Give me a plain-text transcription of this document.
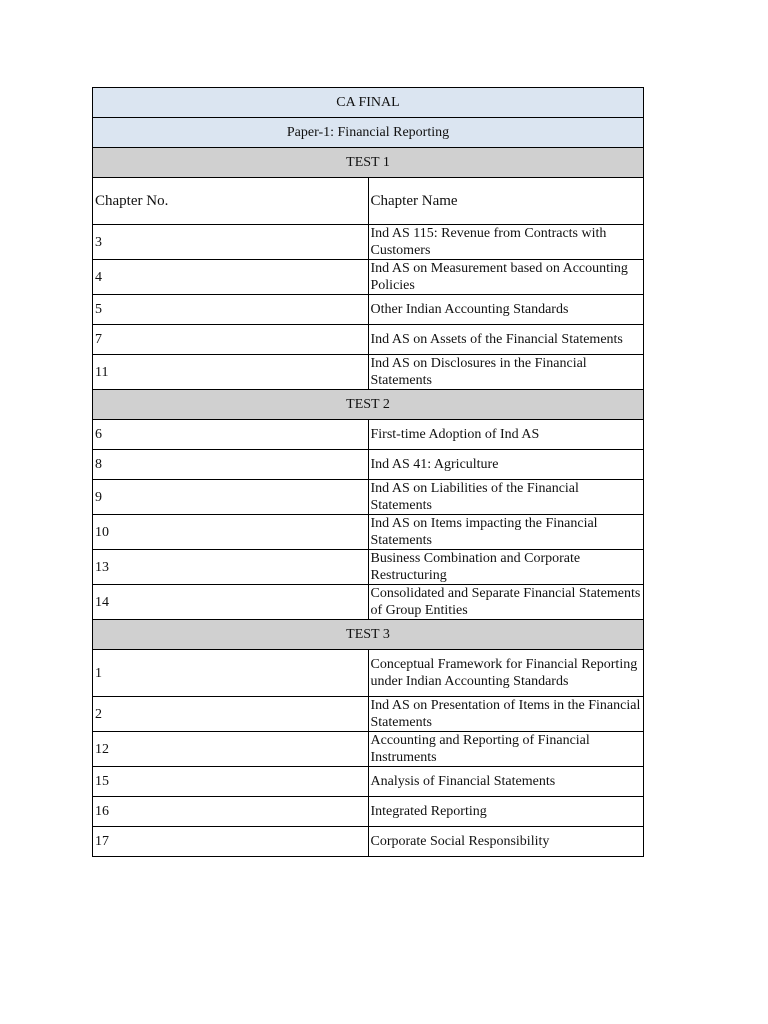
CA FINAL	
Paper-1: Financial Reporting	
TEST 1	
Chapter No.	Chapter Name
3	Ind AS 115: Revenue from Contracts with Customers
4	Ind AS on Measurement based on Accounting Policies
5	Other Indian Accounting Standards
7	Ind AS on Assets of the Financial Statements
11	Ind AS on Disclosures in the Financial Statements
TEST 2	
6	First-time Adoption of Ind AS
8	Ind AS 41: Agriculture
9	Ind AS on Liabilities of the Financial Statements
10	Ind AS on Items impacting the Financial Statements
13	Business Combination and Corporate Restructuring
14	Consolidated and Separate Financial Statements of Group Entities
TEST 3	
1	Conceptual Framework for Financial Reporting under Indian Accounting Standards
2	Ind AS on Presentation of Items in the Financial Statements
12	Accounting and Reporting of Financial Instruments
15	Analysis of Financial Statements
16	Integrated Reporting
17	Corporate Social Responsibility
